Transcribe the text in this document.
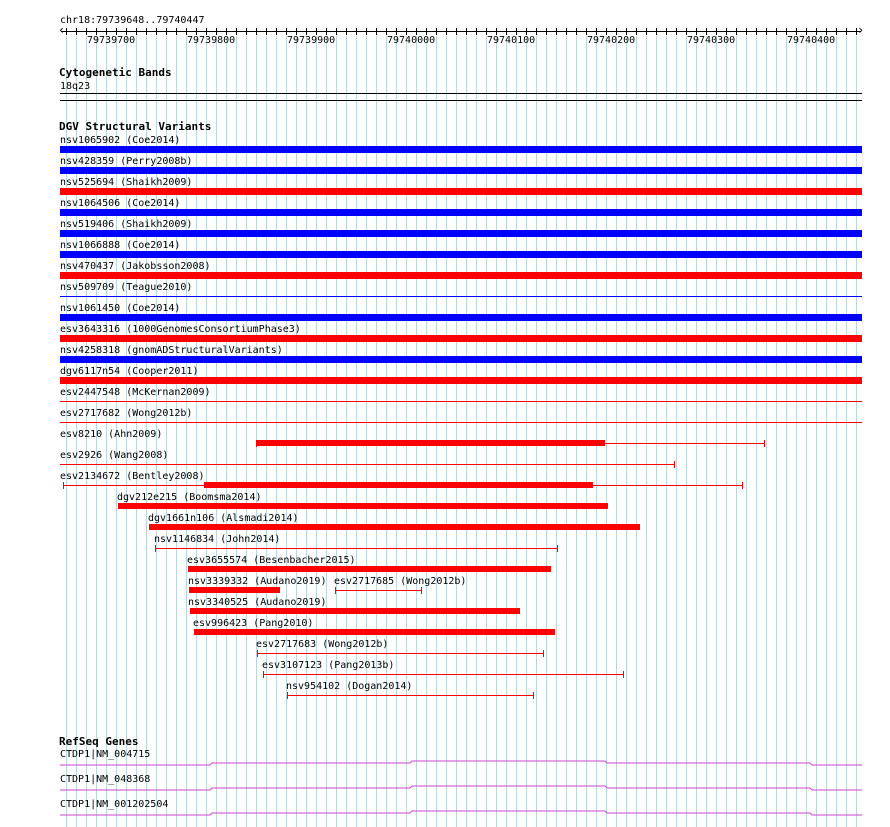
chr18:79739648..79740447
‹	›
79739700	79739800	79739900	79740000	79740100	79740200	79740300	79740400
Cytogenetic Bands
18q23
DGV Structural Variants
nsv1065902 (Coe2014)
nsv428359 (Perry2008b)
nsv525694 (Shaikh2009)
nsv1064506 (Coe2014)
nsv519406 (Shaikh2009)
nsv1066888 (Coe2014)
nsv470437 (Jakobsson2008)
nsv509709 (Teague2010)
nsv1061450 (Coe2014)
esv3643316 (1000GenomesConsortiumPhase3)
nsv4258318 (gnomADStructuralVariants)
dgv6117n54 (Cooper2011)
esv2447548 (McKernan2009)
esv2717682 (Wong2012b)
esv8210 (Ahn2009)
esv2926 (Wang2008)
esv2134672 (Bentley2008)
dgv212e215 (Boomsma2014)
dgv1661n106 (Alsmadi2014)
nsv1146834 (John2014)
esv3655574 (Besenbacher2015)
nsv3339332 (Audano2019) esv2717685 (Wong2012b)
nsv3340525 (Audano2019)
esv996423 (Pang2010)
esv2717683 (Wong2012b)
esv3107123 (Pang2013b)
nsv954102 (Dogan2014)
RefSeq Genes
CTDP1|NM_004715
CTDP1|NM_048368
CTDP1|NM_001202504
